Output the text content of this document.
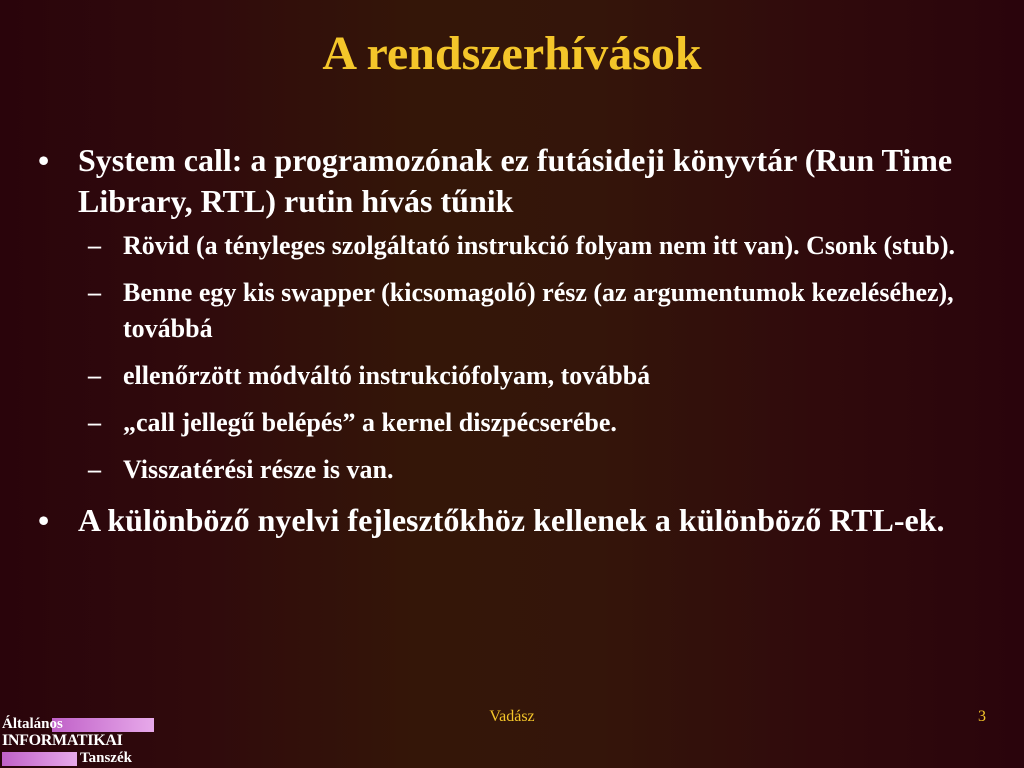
A rendszerhívások
• System call: a programozónak ez futásideji könyvtár (Run Time Library, RTL) rutin hívás tűnik
– Rövid (a tényleges szolgáltató instrukció folyam nem itt van). Csonk (stub).
– Benne egy kis swapper (kicsomagoló) rész (az argumentumok kezeléséhez), továbbá
– ellenőrzött módváltó instrukciófolyam, továbbá
– „call jellegű belépés” a kernel diszpécserébe.
– Visszatérési része is van.
• A különböző nyelvi fejlesztőkhöz kellenek a különböző RTL-ek.
Vadász	3
Általános
INFORMATIKAI
Tanszék
